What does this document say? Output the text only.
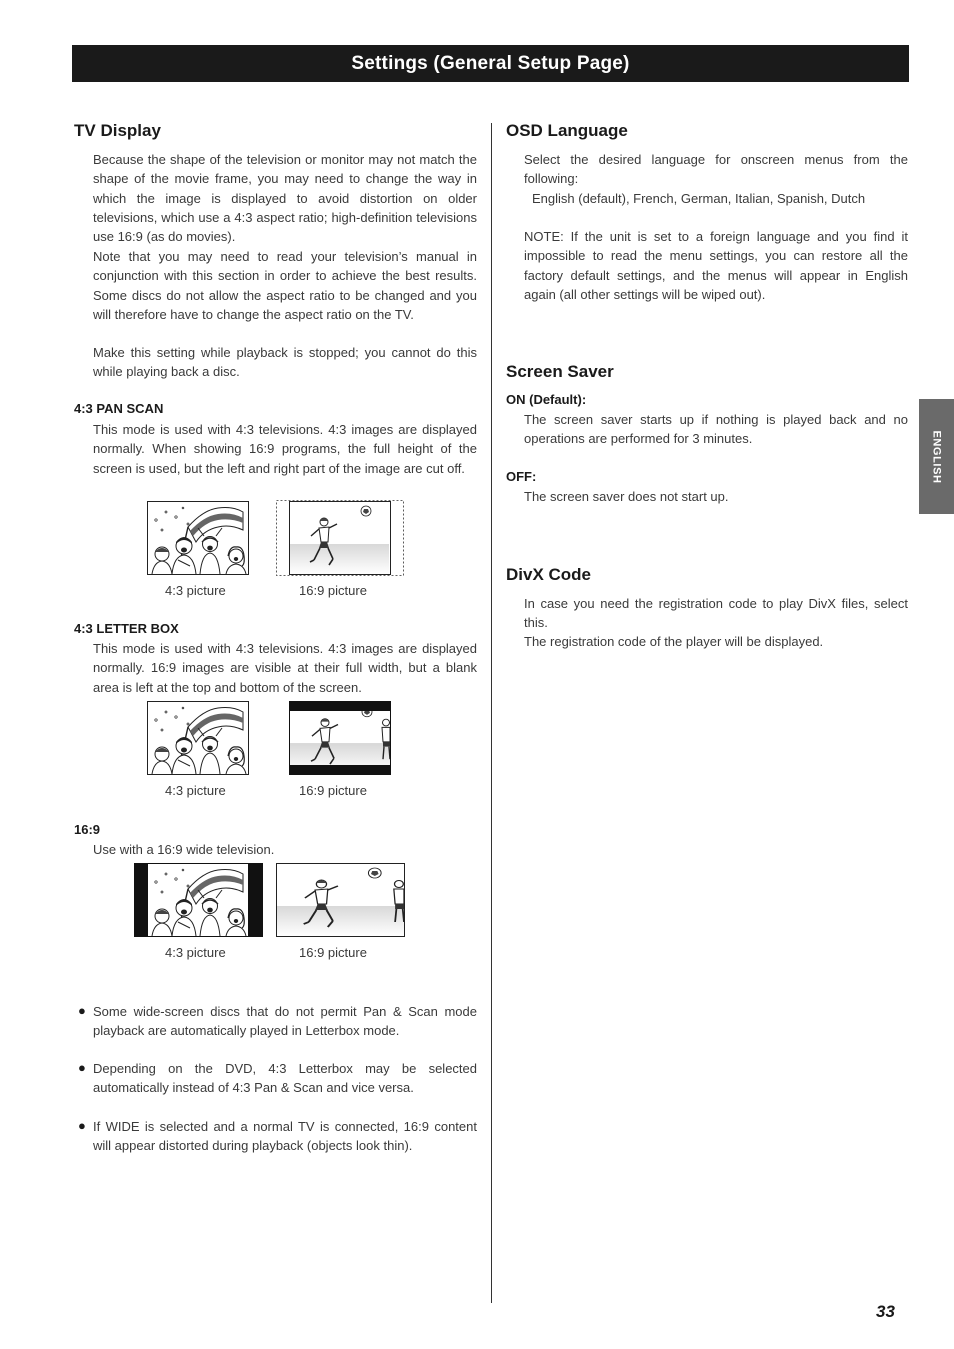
Settings (General Setup Page)
TV Display

Because the shape of the television or monitor may not match the shape of the movie frame, you may need to change the way in which the image is displayed to avoid distortion on older televisions, which use a 4:3 aspect ratio; high-definition televisions use 16:9 (as do movies).

Note that you may need to read your television’s manual in conjunction with this section in order to achieve the best results. Some discs do not allow the aspect ratio to be changed and you will therefore have to change the aspect ratio on the TV.

Make this setting while playback is stopped; you cannot do this while playing back a disc.

4:3 PAN SCAN

This mode is used with 4:3 televisions. 4:3 images are displayed normally. When showing 16:9 programs, the full height of the screen is used, but the left and right part of the image are cut off.

4:3 picture	16:9 picture
4:3 LETTER BOX

This mode is used with 4:3 televisions. 4:3 images are displayed normally. 16:9 images are visible at their full width, but a blank area is left at the top and bottom of the screen.

4:3 picture	16:9 picture
16:9

Use with a 16:9 wide television.

4:3 picture	16:9 picture
● Some wide-screen discs that do not permit Pan & Scan mode playback are automatically played in Letterbox mode.

● Depending on the DVD, 4:3 Letterbox may be selected automatically instead of 4:3 Pan & Scan and vice versa.

● If WIDE is selected and a normal TV is connected, 16:9 content will appear distorted during playback (objects look thin).

OSD Language

Select the desired language for onscreen menus from the following:

English (default), French, German, Italian, Spanish, Dutch

NOTE: If the unit is set to a foreign language and you find it impossible to read the menu settings, you can restore all the factory default settings, and the menus will appear in English again (all other settings will be wiped out).

Screen Saver
ON (Default):

The screen saver starts up if nothing is played back and no operations are performed for 3 minutes.

OFF:

The screen saver does not start up.

DivX Code

In case you need the registration code to play DivX files, select this.

The registration code of the player will be displayed.

ENGLISH
33
